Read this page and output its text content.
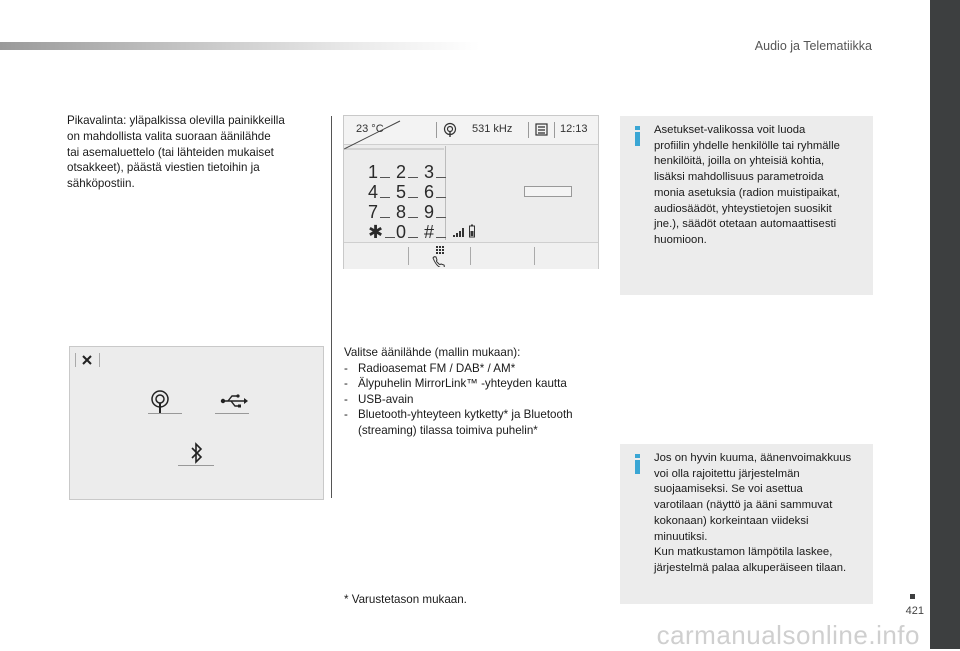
Audio ja Telematiikka
421
carmanualsonline.info
Pikavalinta: yläpalkissa olevilla painikkeilla
on mahdollista valita suoraan äänilähde
tai asemaluettelo (tai lähteiden mukaiset
otsakkeet), päästä viestien tietoihin ja
sähköpostiin.
23 °C	531 kHz	12:13
1 2 3
4 5 6
7 8 9
✱ 0 #
Valitse äänilähde (mallin mukaan):
- Radioasemat FM / DAB* / AM*
- Älypuhelin MirrorLink™ -yhteyden kautta
- USB-avain
- Bluetooth-yhteyteen kytketty* ja Bluetooth
(streaming) tilassa toimiva puhelin*
Asetukset-valikossa voit luoda
profiilin yhdelle henkilölle tai ryhmälle
henkilöitä, joilla on yhteisiä kohtia,
lisäksi mahdollisuus parametroida
monia asetuksia (radion muistipaikat,
audiosäädöt, yhteystietojen suosikit
jne.), säädöt otetaan automaattisesti
huomioon.
Jos on hyvin kuuma, äänenvoimakkuus
voi olla rajoitettu järjestelmän
suojaamiseksi. Se voi asettua
varotilaan (näyttö ja ääni sammuvat
kokonaan) korkeintaan viideksi
minuutiksi.
Kun matkustamon lämpötila laskee,
järjestelmä palaa alkuperäiseen tilaan.
* Varustetason mukaan.
